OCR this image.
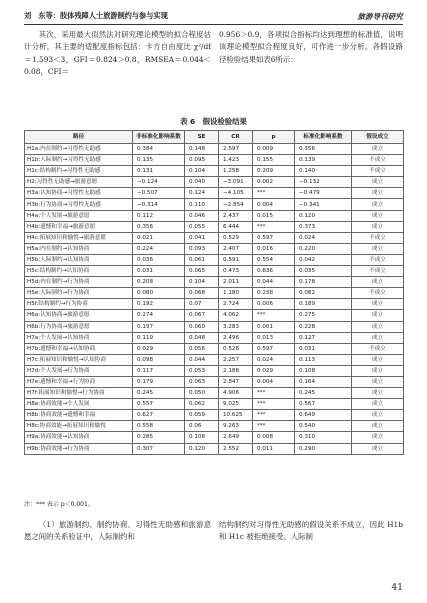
刘　东等：肢体残障人士旅游制约与参与实现	旅游导刊研究

其次，采用最大似然法对研究理论模型的拟合程度估计分析，其主要的适配度指标包括：卡方自由度比 χ²/df＝1.593＜3，GFI＝0.824＞0.8，RMSEA＝0.044＜0.08，CFI＝

0.956＞0.9，各项拟合指标均达到理想的标准值，说明该理论模型拟合程度良好，可作进一步分析。各假设路径检验结果如表6所示：

表 6　假设检验结果
路径	非标准化影响系数	SE	CR	p	标准化影响系数	假设成立
H1a:内在制约→习得性无助感	0.384	0.148	2.597	0.009	0.356	成立
H1b:人际制约→习得性无助感	0.135	0.095	1.423	0.155	0.139	不成立
H1c:结构制约→习得性无助感	0.131	0.104	1.258	0.209	0.140	不成立
H2:习得性无助感→旅游意愿	−0.124	0.040	−3.091	0.002	−0.132	成立
H3a:认知协商→习得性无助感	−0.507	0.124	−4.105	***	−0.479	成立
H3b:行为协商→习得性无助感	−0.314	0.110	−2.854	0.004	−0.341	成立
H4a:个人发展→旅游意愿	0.112	0.046	2.437	0.015	0.120	成立
H4b:遗憾和幸福→旅游意愿	0.356	0.055	6.444	***	0.373	成立
H4c:拓展知识和愉悦→旅游意愿	0.021	0.041	0.529	0.597	0.024	不成立
H5a:内在制约→认知协商	0.224	0.093	2.407	0.016	0.220	成立
H5b:人际制约→认知协商	0.036	0.061	0.591	0.554	0.042	不成立
H5c:结构制约→认知协商	0.031	0.065	0.473	0.636	0.035	不成立
H5d:内在制约→行为协商	0.208	0.104	2.011	0.044	0.178	成立
H5e:人际制约→行为协商	0.080	0.068	1.180	0.238	0.082	不成立
H5f:结构制约→行为协商	0.192	0.07	2.724	0.006	0.189	成立
H6a:认知协商→旅游意愿	0.274	0.067	4.062	***	0.275	成立
H6b:行为协商→旅游意愿	0.197	0.060	3.283	0.001	0.228	成立
H7a:个人发展→认知协商	0.119	0.048	2.496	0.013	0.127	成立
H7b:遗憾和幸福→认知协商	0.029	0.056	0.528	0.597	0.031	不成立
H7c:拓展知识和愉悦→认知协商	0.098	0.044	2.257	0.024	0.113	成立
H7d:个人发展→行为协商	0.117	0.053	2.188	0.029	0.108	成立
H7e:遗憾和幸福→行为协商	0.179	0.063	2.847	0.004	0.164	成立
H7f:拓展知识和愉悦→行为协商	0.245	0.050	4.906	***	0.245	成立
H8a:协商效能→个人发展	0.557	0.062	9.025	***	0.567	成立
H8b:协商效能→遗憾和幸福	0.627	0.059	10.625	***	0.649	成立
H8c:协商效能→拓展知识和愉悦	0.558	0.06	9.263	***	0.540	成立
H9a:协商效能→认知协商	0.285	0.108	2.649	0.008	0.310	成立
H9b:协商效能→行为协商	0.307	0.120	2.552	0.011	0.290	成立
注：*** 表示 p＜0.001。

（1）旅游制约、制约协商、习得性无助感和旅游意愿之间的关系验证中，人际制约和

结构制约对习得性无助感的假设关系不成立，因此 H1b 和 H1c 被拒绝接受。人际制

41
